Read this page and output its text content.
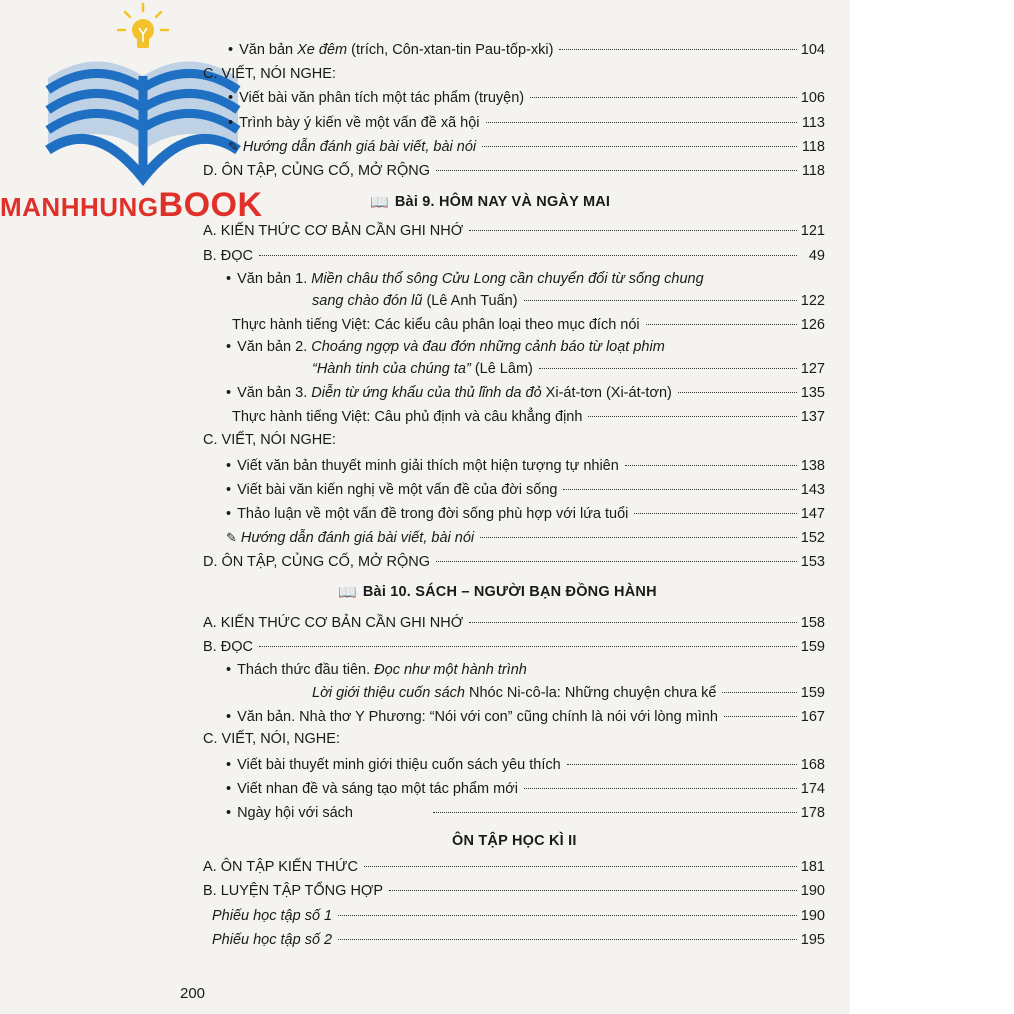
MANHHUNGBOOK
• Văn bản Xe đêm (trích, Côn-xtan-tin Pau-tốp-xki)	104
C. VIẾT, NÓI NGHE:
• Viết bài văn phân tích một tác phẩm (truyện)	106
• Trình bày ý kiến về một vấn đề xã hội	113
✎ Hướng dẫn đánh giá bài viết, bài nói	118
D. ÔN TẬP, CỦNG CỐ, MỞ RỘNG	118
📖 Bài 9. HÔM NAY VÀ NGÀY MAI
A. KIẾN THỨC CƠ BẢN CẦN GHI NHỚ	121
B. ĐỌC	49
• Văn bản 1. Miền châu thổ sông Cửu Long cần chuyển đổi từ sống chung
sang chào đón lũ (Lê Anh Tuấn)	122
Thực hành tiếng Việt: Các kiểu câu phân loại theo mục đích nói	126
• Văn bản 2. Choáng ngợp và đau đớn những cảnh báo từ loạt phim
“Hành tinh của chúng ta” (Lê Lâm)	127
• Văn bản 3. Diễn từ ứng khẩu của thủ lĩnh da đỏ Xi-át-tơn (Xi-át-tơn)	135
Thực hành tiếng Việt: Câu phủ định và câu khẳng định	137
C. VIẾT, NÓI NGHE:
• Viết văn bản thuyết minh giải thích một hiện tượng tự nhiên	138
• Viết bài văn kiến nghị về một vấn đề của đời sống	143
• Thảo luận về một vấn đề trong đời sống phù hợp với lứa tuổi	147
✎ Hướng dẫn đánh giá bài viết, bài nói	152
D. ÔN TẬP, CỦNG CỐ, MỞ RỘNG	153
📖 Bài 10. SÁCH – NGƯỜI BẠN ĐỒNG HÀNH
A. KIẾN THỨC CƠ BẢN CẦN GHI NHỚ	158
B. ĐỌC	159
• Thách thức đầu tiên. Đọc như một hành trình
Lời giới thiệu cuốn sách Nhóc Ni-cô-la: Những chuyện chưa kể	159
• Văn bản. Nhà thơ Y Phương: “Nói với con” cũng chính là nói với lòng mình	167
C. VIẾT, NÓI, NGHE:
• Viết bài thuyết minh giới thiệu cuốn sách yêu thích	168
• Viết nhan đề và sáng tạo một tác phẩm mới	174
• Ngày hội với sách	178
ÔN TẬP HỌC KÌ II
A. ÔN TẬP KIẾN THỨC	181
B. LUYỆN TẬP TỔNG HỢP	190
Phiếu học tập số 1	190
Phiếu học tập số 2	195
200
